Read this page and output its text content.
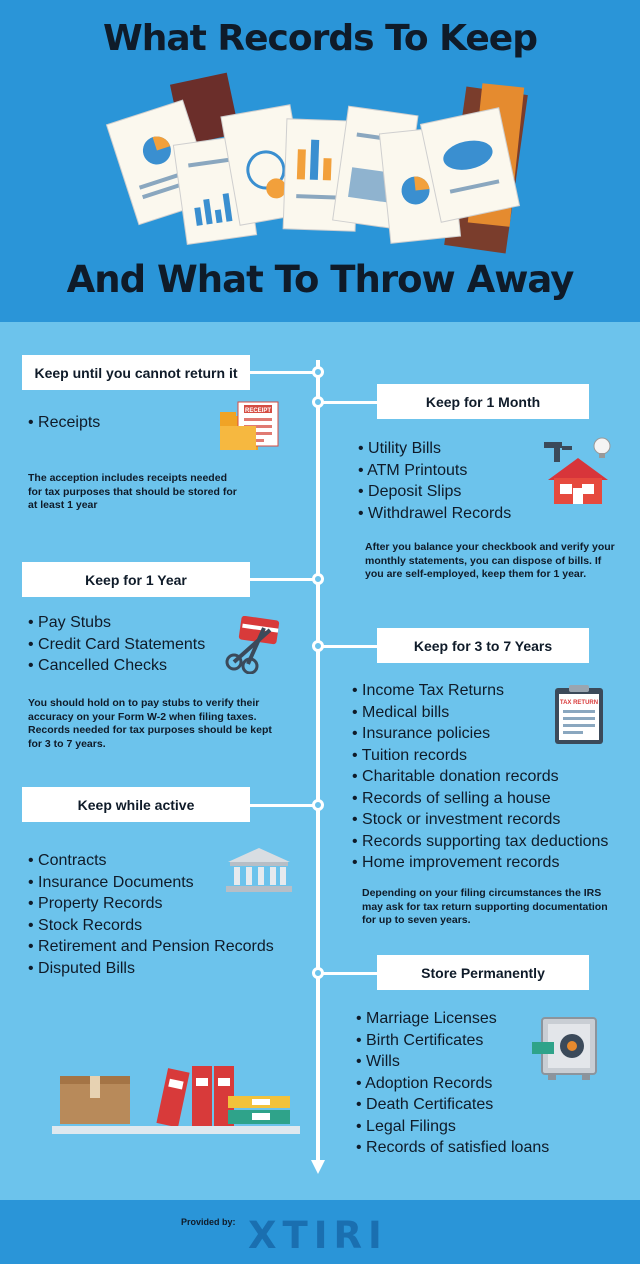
What Records To Keep
And What To Throw Away
Keep until you cannot return it
• Receipts
RECEIPT
The acception includes receipts needed for tax purposes that should be stored for at least 1 year
Keep for 1 Month
• Utility Bills
• ATM Printouts
• Deposit Slips
• Withdrawel Records
After you balance your checkbook and verify your monthly statements, you can dispose of bills. If you are self-employed, keep them for 1 year.
Keep for 1 Year
• Pay Stubs
• Credit Card Statements
• Cancelled Checks
You should hold on to pay stubs to verify their accuracy on your Form W-2 when filing taxes. Records needed for tax purposes should be kept for 3 to 7 years.
Keep for 3 to 7 Years
• Income Tax Returns
• Medical bills
• Insurance policies
• Tuition records
• Charitable donation records
• Records of selling a house
• Stock or investment records
• Records supporting tax deductions
• Home improvement records
TAX RETURN
Depending on your filing circumstances the IRS may ask for tax return supporting documentation for up to seven years.
Keep while active
• Contracts
• Insurance Documents
• Property Records
• Stock Records
• Retirement and Pension Records
• Disputed Bills	Store Permanently
• Marriage Licenses
• Birth Certificates
• Wills
• Adoption Records
• Death Certificates
• Legal Filings
• Records of satisfied loans
Provided by: XTIRI
